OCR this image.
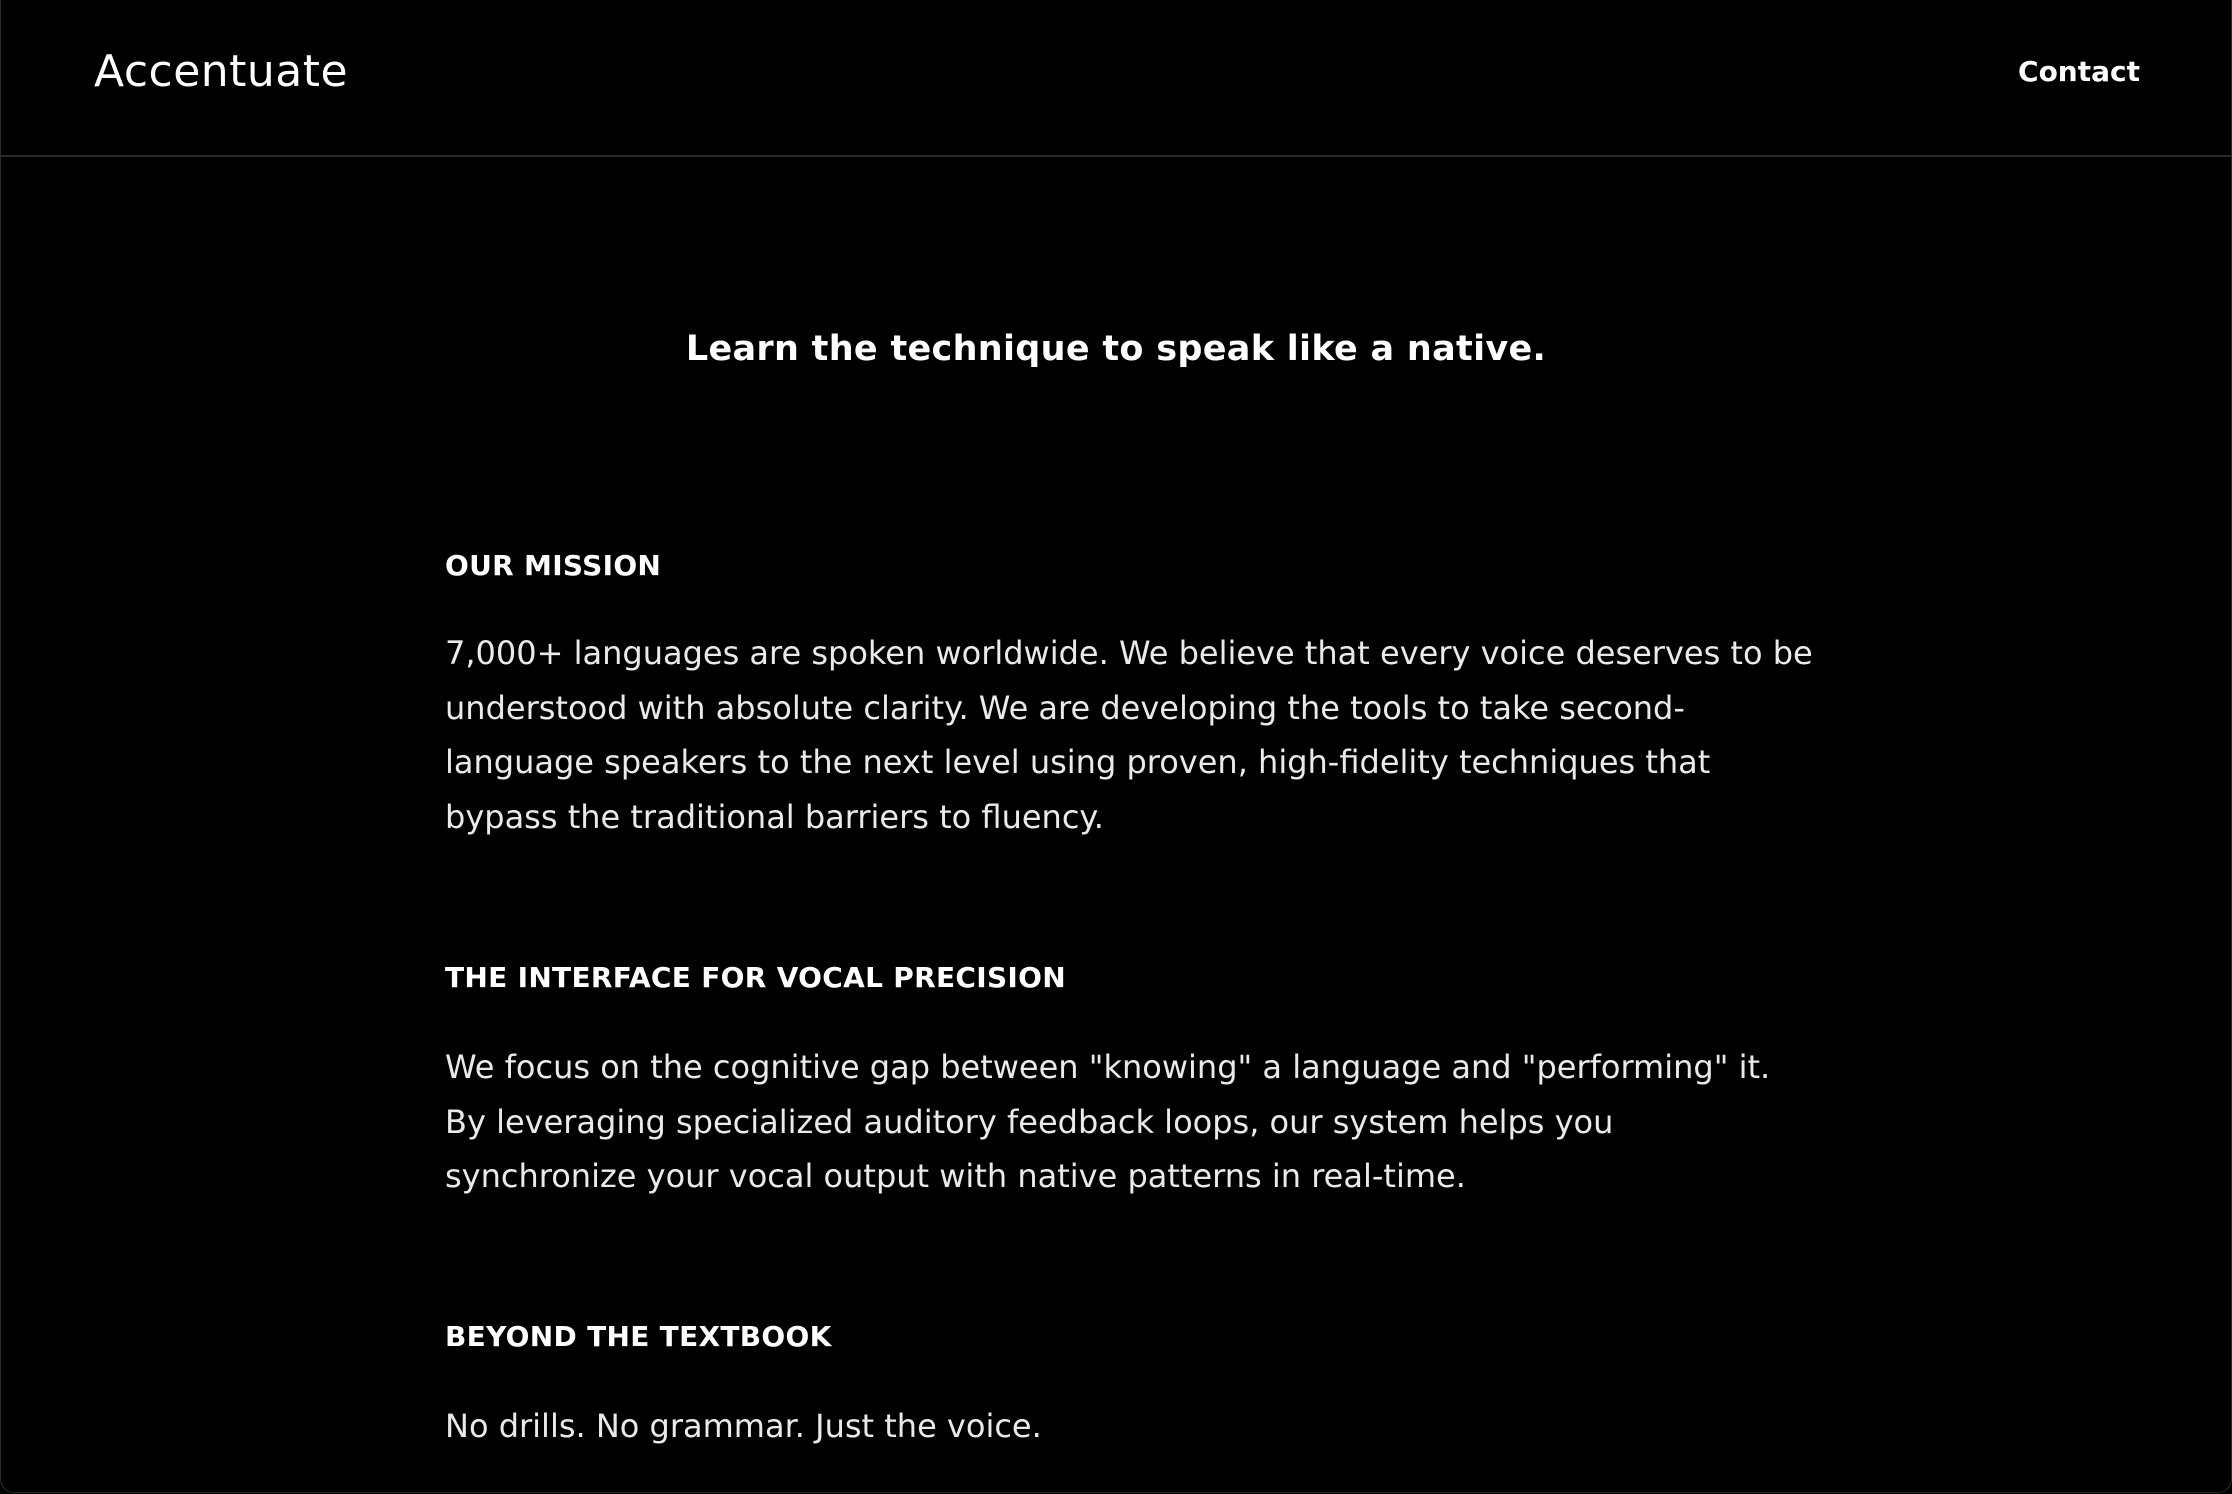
Accentuate	Contact
Learn the technique to speak like a native.
OUR MISSION

7,000+ languages are spoken worldwide. We believe that every voice deserves to be understood with absolute clarity. We are developing the tools to take second-language speakers to the next level using proven, high-fidelity techniques that bypass the traditional barriers to fluency.

THE INTERFACE FOR VOCAL PRECISION

We focus on the cognitive gap between "knowing" a language and "performing" it. By leveraging specialized auditory feedback loops, our system helps you synchronize your vocal output with native patterns in real-time.

BEYOND THE TEXTBOOK

No drills. No grammar. Just the voice.
